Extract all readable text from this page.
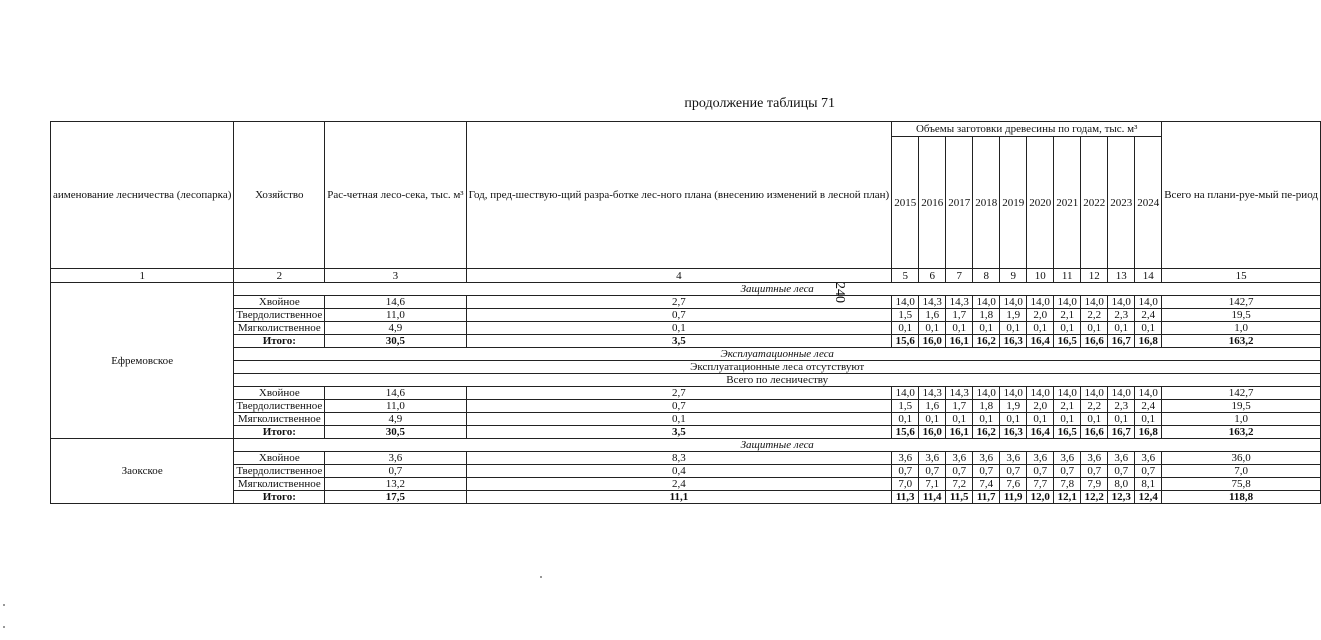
продолжение таблицы 71
240
аименование лесничества (лесопарка)	Хозяйство	Рас-четная лесо-сека, тыс. м³	Год, пред-шествую-щий разра-ботке лес-ного плана (внесению изменений в лесной план)	Объемы заготовки древесины по годам, тыс. м³										Всего на плани-руе-мый пе-риод
				2015	2016	2017	2018	2019	2020	2021	2022	2023	2024	
1	2	3	4	5	6	7	8	9	10	11	12	13	14	15
Ефремовское	Защитные леса													
	Хвойное	14,6	2,7	14,0	14,3	14,3	14,0	14,0	14,0	14,0	14,0	14,0	14,0	142,7
	Твердолиственное	11,0	0,7	1,5	1,6	1,7	1,8	1,9	2,0	2,1	2,2	2,3	2,4	19,5
	Мягколиственное	4,9	0,1	0,1	0,1	0,1	0,1	0,1	0,1	0,1	0,1	0,1	0,1	1,0
	Итого:	30,5	3,5	15,6	16,0	16,1	16,2	16,3	16,4	16,5	16,6	16,7	16,8	163,2
	Эксплуатационные леса													
	Эксплуатационные леса отсутствуют													
	Всего по лесничеству													
	Хвойное	14,6	2,7	14,0	14,3	14,3	14,0	14,0	14,0	14,0	14,0	14,0	14,0	142,7
	Твердолиственное	11,0	0,7	1,5	1,6	1,7	1,8	1,9	2,0	2,1	2,2	2,3	2,4	19,5
	Мягколиственное	4,9	0,1	0,1	0,1	0,1	0,1	0,1	0,1	0,1	0,1	0,1	0,1	1,0
	Итого:	30,5	3,5	15,6	16,0	16,1	16,2	16,3	16,4	16,5	16,6	16,7	16,8	163,2
Заокское	Защитные леса													
	Хвойное	3,6	8,3	3,6	3,6	3,6	3,6	3,6	3,6	3,6	3,6	3,6	3,6	36,0
	Твердолиственное	0,7	0,4	0,7	0,7	0,7	0,7	0,7	0,7	0,7	0,7	0,7	0,7	7,0
	Мягколиственное	13,2	2,4	7,0	7,1	7,2	7,4	7,6	7,7	7,8	7,9	8,0	8,1	75,8
	Итого:	17,5	11,1	11,3	11,4	11,5	11,7	11,9	12,0	12,1	12,2	12,3	12,4	118,8
